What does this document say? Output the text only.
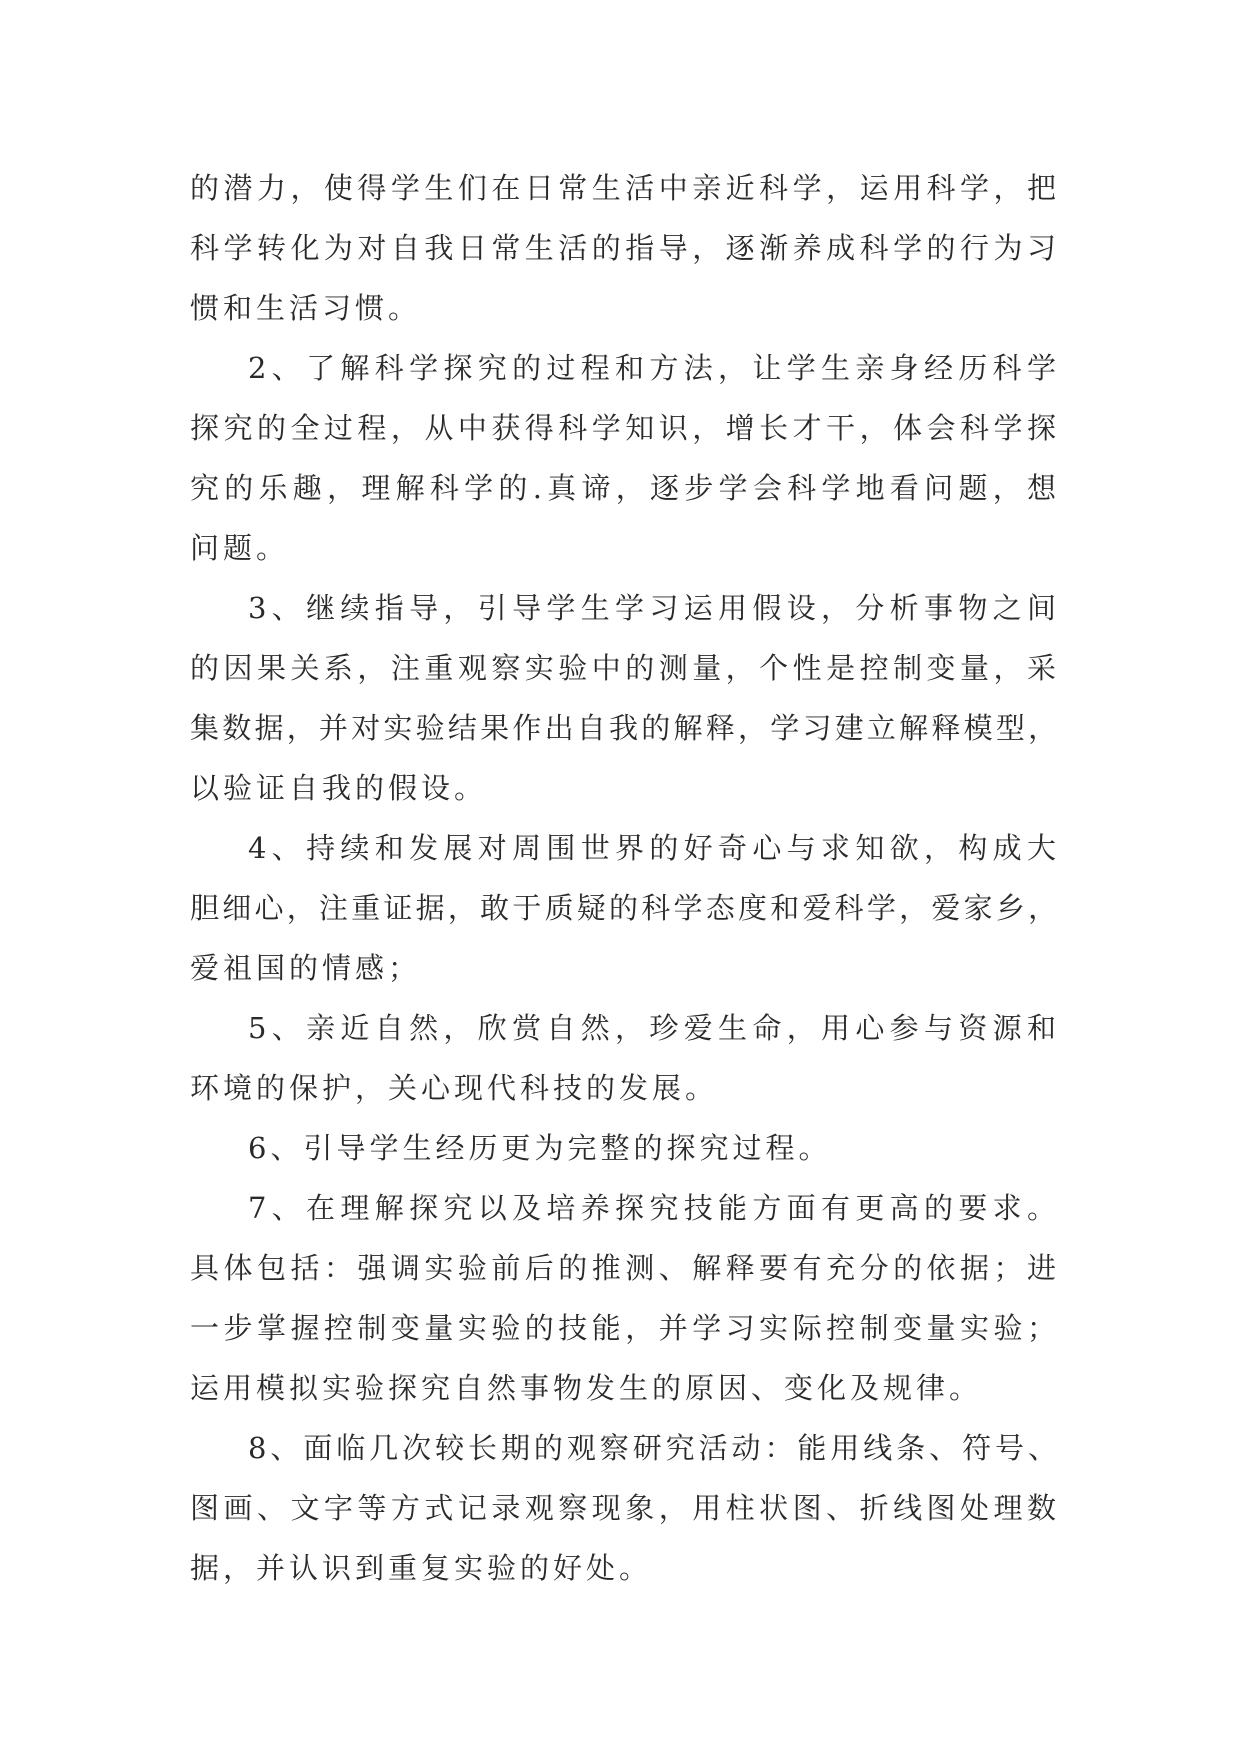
的潜力，使得学生们在日常生活中亲近科学，运用科学，把
科学转化为对自我日常生活的指导，逐渐养成科学的行为习
惯和生活习惯。
2、了解科学探究的过程和方法，让学生亲身经历科学
探究的全过程，从中获得科学知识，增长才干，体会科学探
究的乐趣，理解科学的.真谛，逐步学会科学地看问题，想
问题。
3、继续指导，引导学生学习运用假设，分析事物之间
的因果关系，注重观察实验中的测量，个性是控制变量，采
集数据，并对实验结果作出自我的解释，学习建立解释模型，
以验证自我的假设。
4、持续和发展对周围世界的好奇心与求知欲，构成大
胆细心，注重证据，敢于质疑的科学态度和爱科学，爱家乡，
爱祖国的情感；
5、亲近自然，欣赏自然，珍爱生命，用心参与资源和
环境的保护，关心现代科技的发展。
6、引导学生经历更为完整的探究过程。
7、在理解探究以及培养探究技能方面有更高的要求。
具体包括：强调实验前后的推测、解释要有充分的依据；进
一步掌握控制变量实验的技能，并学习实际控制变量实验；
运用模拟实验探究自然事物发生的原因、变化及规律。
8、面临几次较长期的观察研究活动：能用线条、符号、
图画、文字等方式记录观察现象，用柱状图、折线图处理数
据，并认识到重复实验的好处。
